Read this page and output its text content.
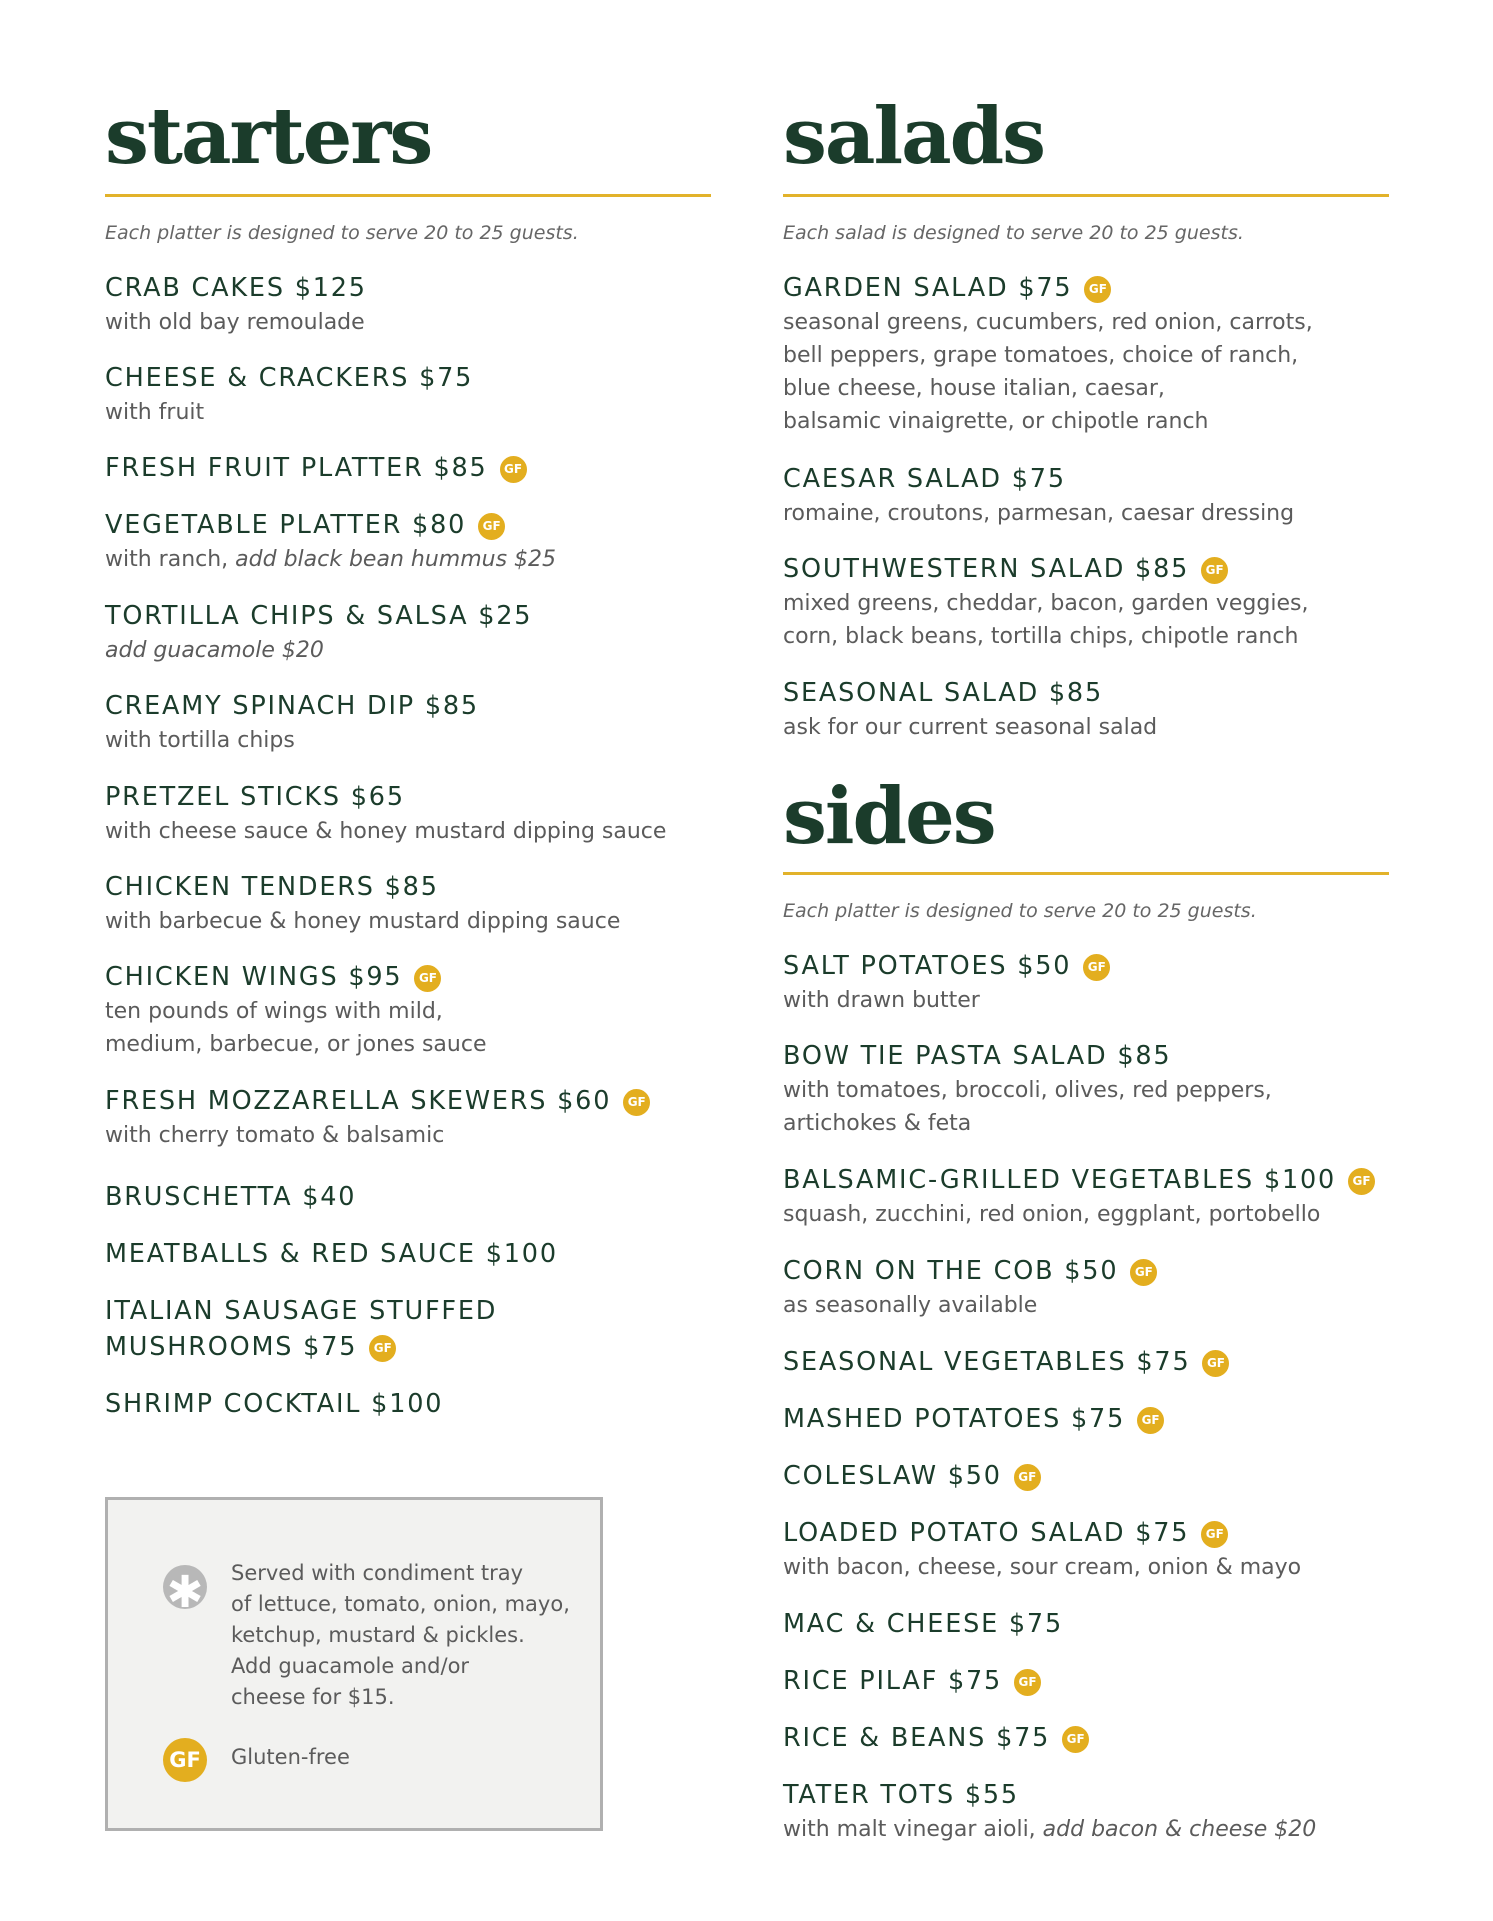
starters

Each platter is designed to serve 20 to 25 guests.

CRAB CAKES $125
with old bay remoulade
CHEESE & CRACKERS $75
with fruit
FRESH FRUIT PLATTER $85 GF
VEGETABLE PLATTER $80 GF
with ranch, add black bean hummus $25
TORTILLA CHIPS & SALSA $25
add guacamole $20
CREAMY SPINACH DIP $85
with tortilla chips
PRETZEL STICKS $65
with cheese sauce & honey mustard dipping sauce
CHICKEN TENDERS $85
with barbecue & honey mustard dipping sauce
CHICKEN WINGS $95 GF
ten pounds of wings with mild,
medium, barbecue, or jones sauce
FRESH MOZZARELLA SKEWERS $60 GF
with cherry tomato & balsamic
BRUSCHETTA $40
MEATBALLS & RED SAUCE $100
ITALIAN SAUSAGE STUFFED
MUSHROOMS $75 GF
SHRIMP COCKTAIL $100
✱ Served with condiment tray
of lettuce, tomato, onion, mayo,
ketchup, mustard & pickles.
Add guacamole and/or
cheese for $15.
GF Gluten-free
salads

Each salad is designed to serve 20 to 25 guests.

GARDEN SALAD $75 GF
seasonal greens, cucumbers, red onion, carrots,
bell peppers, grape tomatoes, choice of ranch,
blue cheese, house italian, caesar,
balsamic vinaigrette, or chipotle ranch
CAESAR SALAD $75
romaine, croutons, parmesan, caesar dressing
SOUTHWESTERN SALAD $85 GF
mixed greens, cheddar, bacon, garden veggies,
corn, black beans, tortilla chips, chipotle ranch
SEASONAL SALAD $85
ask for our current seasonal salad
sides

Each platter is designed to serve 20 to 25 guests.

SALT POTATOES $50 GF
with drawn butter
BOW TIE PASTA SALAD $85
with tomatoes, broccoli, olives, red peppers,
artichokes & feta
BALSAMIC-GRILLED VEGETABLES $100 GF
squash, zucchini, red onion, eggplant, portobello
CORN ON THE COB $50 GF
as seasonally available
SEASONAL VEGETABLES $75 GF
MASHED POTATOES $75 GF
COLESLAW $50 GF
LOADED POTATO SALAD $75 GF
with bacon, cheese, sour cream, onion & mayo
MAC & CHEESE $75
RICE PILAF $75 GF
RICE & BEANS $75 GF
TATER TOTS $55
with malt vinegar aioli, add bacon & cheese $20
